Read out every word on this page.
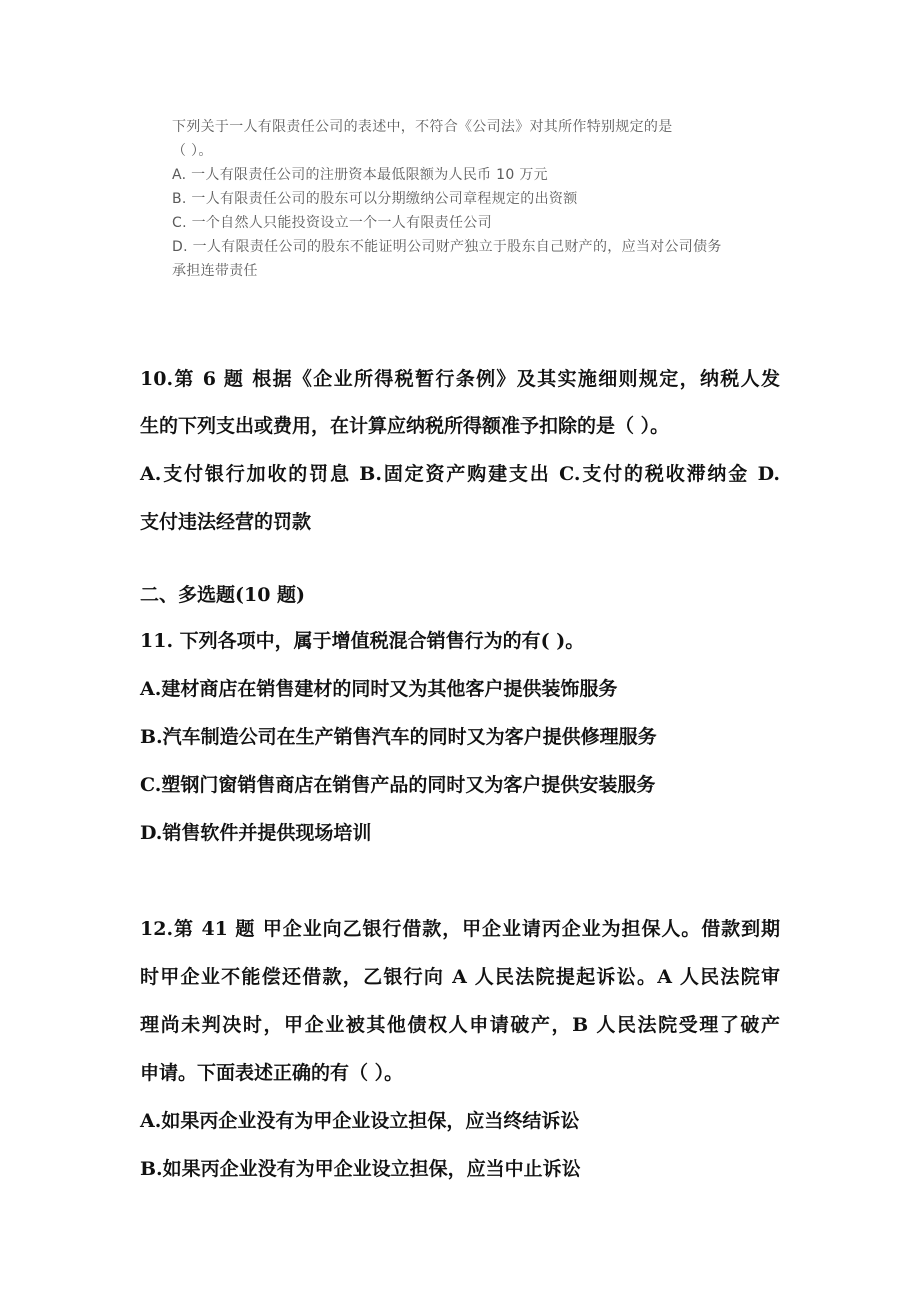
下列关于一人有限责任公司的表述中，不符合《公司法》对其所作特别规定的是
（ ）。
A. 一人有限责任公司的注册资本最低限额为人民币 10 万元
B. 一人有限责任公司的股东可以分期缴纳公司章程规定的出资额
C. 一个自然人只能投资设立一个一人有限责任公司
D. 一人有限责任公司的股东不能证明公司财产独立于股东自己财产的，应当对公司债务
承担连带责任
10.第 6 题 根据《企业所得税暂行条例》及其实施细则规定，纳税人发
生的下列支出或费用，在计算应纳税所得额准予扣除的是（ ）。
A.支付银行加收的罚息 B.固定资产购建支出 C.支付的税收滞纳金 D.
支付违法经营的罚款
二、多选题(10 题)
11. 下列各项中，属于增值税混合销售行为的有( )。
A.建材商店在销售建材的同时又为其他客户提供装饰服务
B.汽车制造公司在生产销售汽车的同时又为客户提供修理服务
C.塑钢门窗销售商店在销售产品的同时又为客户提供安装服务
D.销售软件并提供现场培训
12.第 41 题 甲企业向乙银行借款，甲企业请丙企业为担保人。借款到期
时甲企业不能偿还借款，乙银行向 A 人民法院提起诉讼。A 人民法院审
理尚未判决时，甲企业被其他债权人申请破产，B 人民法院受理了破产
申请。下面表述正确的有（ ）。
A.如果丙企业没有为甲企业设立担保，应当终结诉讼
B.如果丙企业没有为甲企业设立担保，应当中止诉讼
